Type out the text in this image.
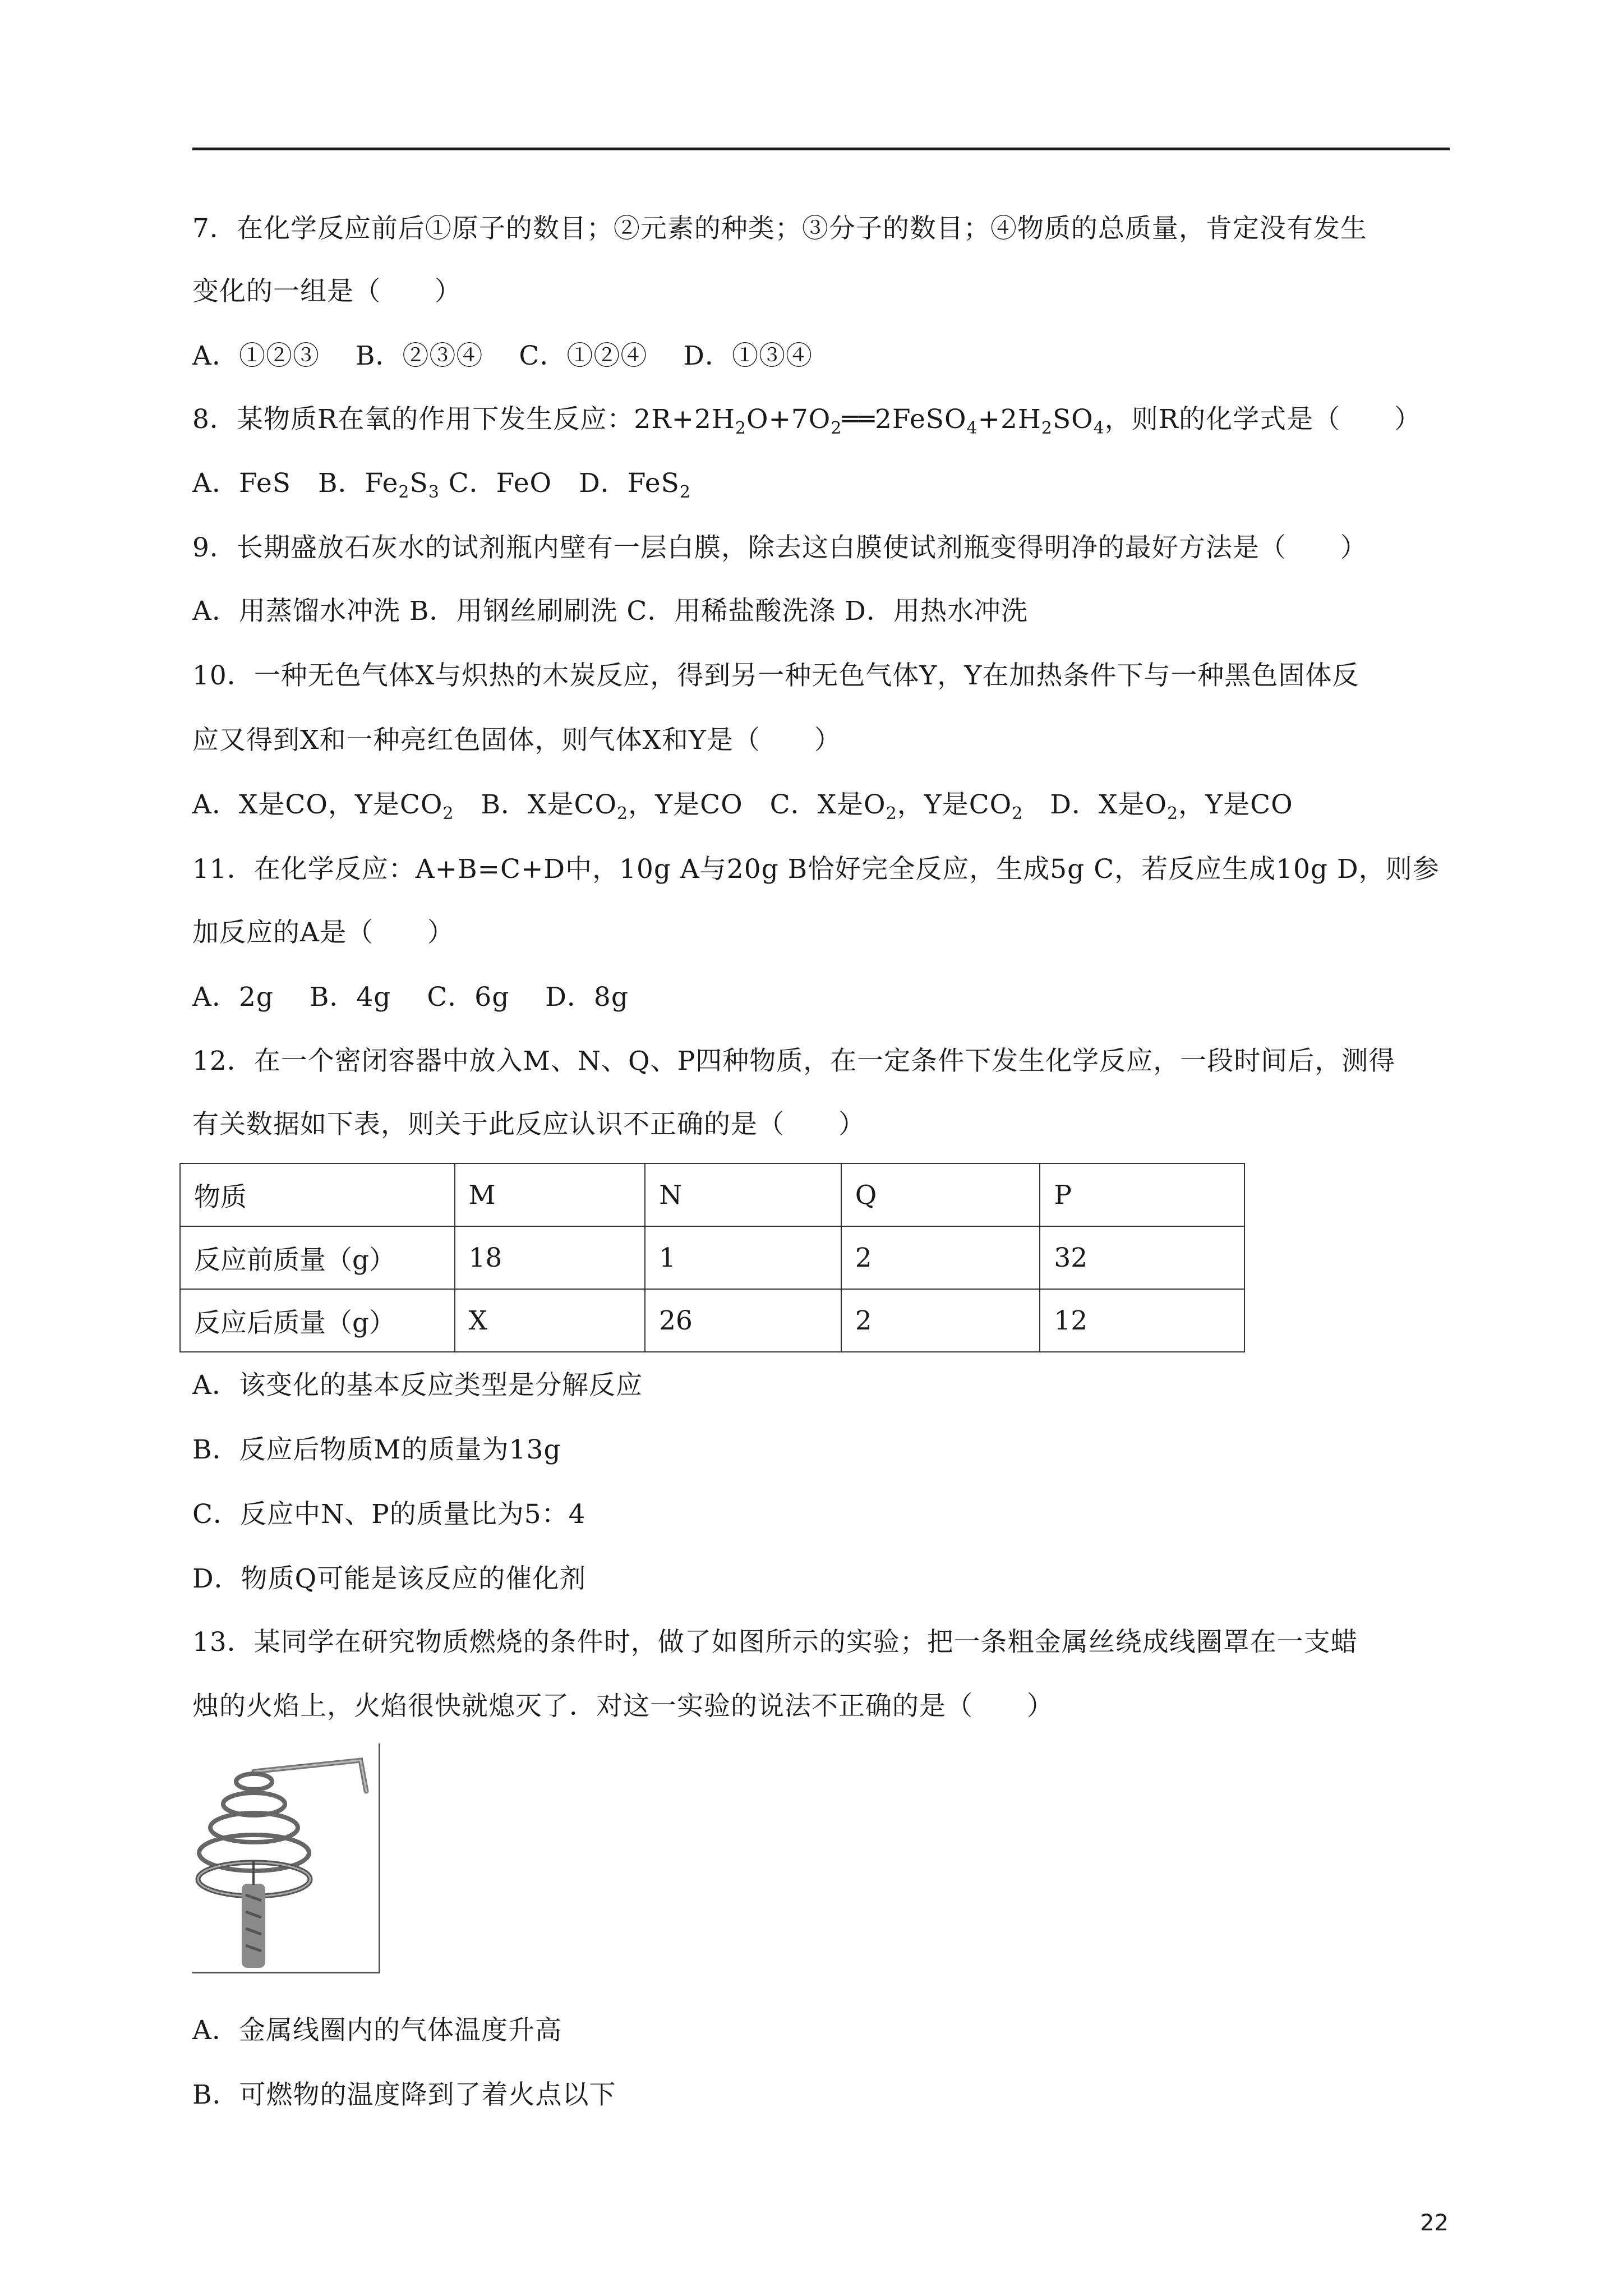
7．在化学反应前后①原子的数目；②元素的种类；③分子的数目；④物质的总质量，肯定没有发生
变化的一组是（　　）
A．①②③　 B．②③④　 C．①②④　 D．①③④
8．某物质R在氧的作用下发生反应：$2R+2H_2O+7O_2══2FeSO_4+2H_2SO_4$，则R的化学式是（　　）
A．FeS　B．$Fe_2S_3$ C．FeO　D．FeS$_2$
9．长期盛放石灰水的试剂瓶内壁有一层白膜，除去这白膜使试剂瓶变得明净的最好方法是（　　）
A．用蒸馏水冲洗 B．用钢丝刷刷洗 C．用稀盐酸洗涤 D．用热水冲洗
10．一种无色气体X与炽热的木炭反应，得到另一种无色气体Y，Y在加热条件下与一种黑色固体反
应又得到X和一种亮红色固体，则气体X和Y是（　　）
A．X是CO，Y是$CO_2$　B．X是$CO_2$，Y是CO　C．X是$O_2$，Y是$CO_2$　D．X是$O_2$，Y是CO
11．在化学反应：A+B=C+D中，10g A与20g B恰好完全反应，生成5g C，若反应生成10g D，则参
加反应的A是（　　）
A．2g　 B．4g　 C．6g　 D．8g
12．在一个密闭容器中放入M、N、Q、P四种物质，在一定条件下发生化学反应，一段时间后，测得
有关数据如下表，则关于此反应认识不正确的是（　　）
物质	M	N	Q	P
反应前质量（g）	18	1	2	32
反应后质量（g）	X	26	2	12
A．该变化的基本反应类型是分解反应
B．反应后物质M的质量为13g
C．反应中N、P的质量比为5：4
D．物质Q可能是该反应的催化剂
13．某同学在研究物质燃烧的条件时，做了如图所示的实验；把一条粗金属丝绕成线圈罩在一支蜡
烛的火焰上，火焰很快就熄灭了．对这一实验的说法不正确的是（　　）
A．金属线圈内的气体温度升高
B．可燃物的温度降到了着火点以下
22
